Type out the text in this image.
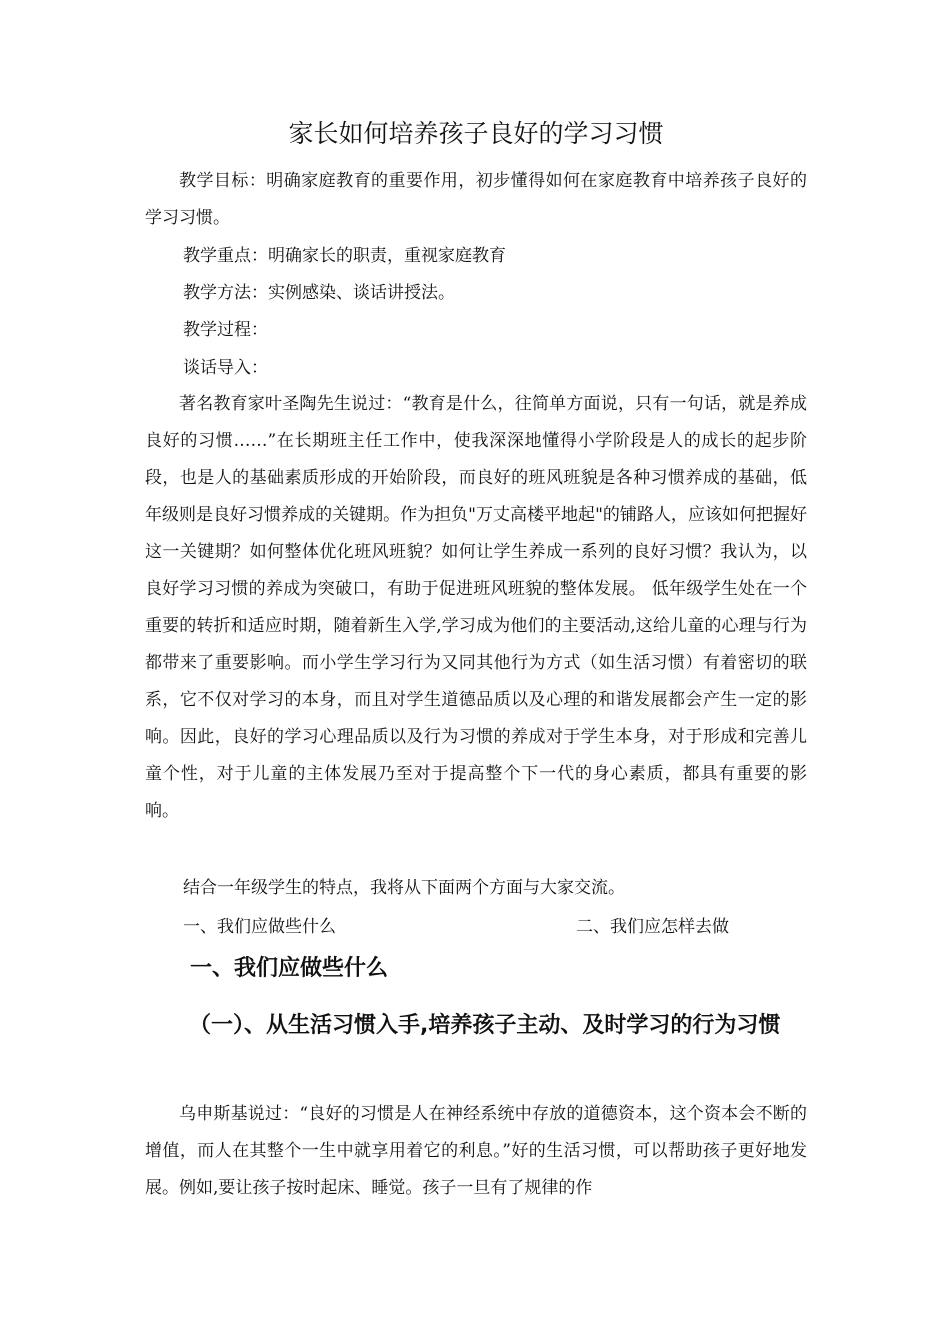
家长如何培养孩子良好的学习习惯

教学目标：明确家庭教育的重要作用，初步懂得如何在家庭教育中培养孩子良好的学习习惯。

教学重点：明确家长的职责，重视家庭教育

教学方法：实例感染、谈话讲授法。

教学过程：

谈话导入：

著名教育家叶圣陶先生说过：“教育是什么，往简单方面说，只有一句话，就是养成良好的习惯……”在长期班主任工作中，使我深深地懂得小学阶段是人的成长的起步阶段，也是人的基础素质形成的开始阶段，而良好的班风班貌是各种习惯养成的基础，低年级则是良好习惯养成的关键期。作为担负"万丈高楼平地起"的铺路人，应该如何把握好这一关键期？如何整体优化班风班貌？如何让学生养成一系列的良好习惯？我认为，以良好学习习惯的养成为突破口，有助于促进班风班貌的整体发展。 低年级学生处在一个重要的转折和适应时期，随着新生入学,学习成为他们的主要活动,这给儿童的心理与行为都带来了重要影响。而小学生学习行为又同其他行为方式（如生活习惯）有着密切的联系，它不仅对学习的本身，而且对学生道德品质以及心理的和谐发展都会产生一定的影响。因此，良好的学习心理品质以及行为习惯的养成对于学生本身，对于形成和完善儿童个性，对于儿童的主体发展乃至对于提高整个下一代的身心素质，都具有重要的影响。

结合一年级学生的特点，我将从下面两个方面与大家交流。

一、我们应做些什么	二、我们应怎样去做
一、我们应做些什么
（一）、从生活习惯入手,培养孩子主动、及时学习的行为习惯

乌申斯基说过：“良好的习惯是人在神经系统中存放的道德资本，这个资本会不断的增值，而人在其整个一生中就享用着它的利息。”好的生活习惯，可以帮助孩子更好地发展。例如,要让孩子按时起床、睡觉。孩子一旦有了规律的作
